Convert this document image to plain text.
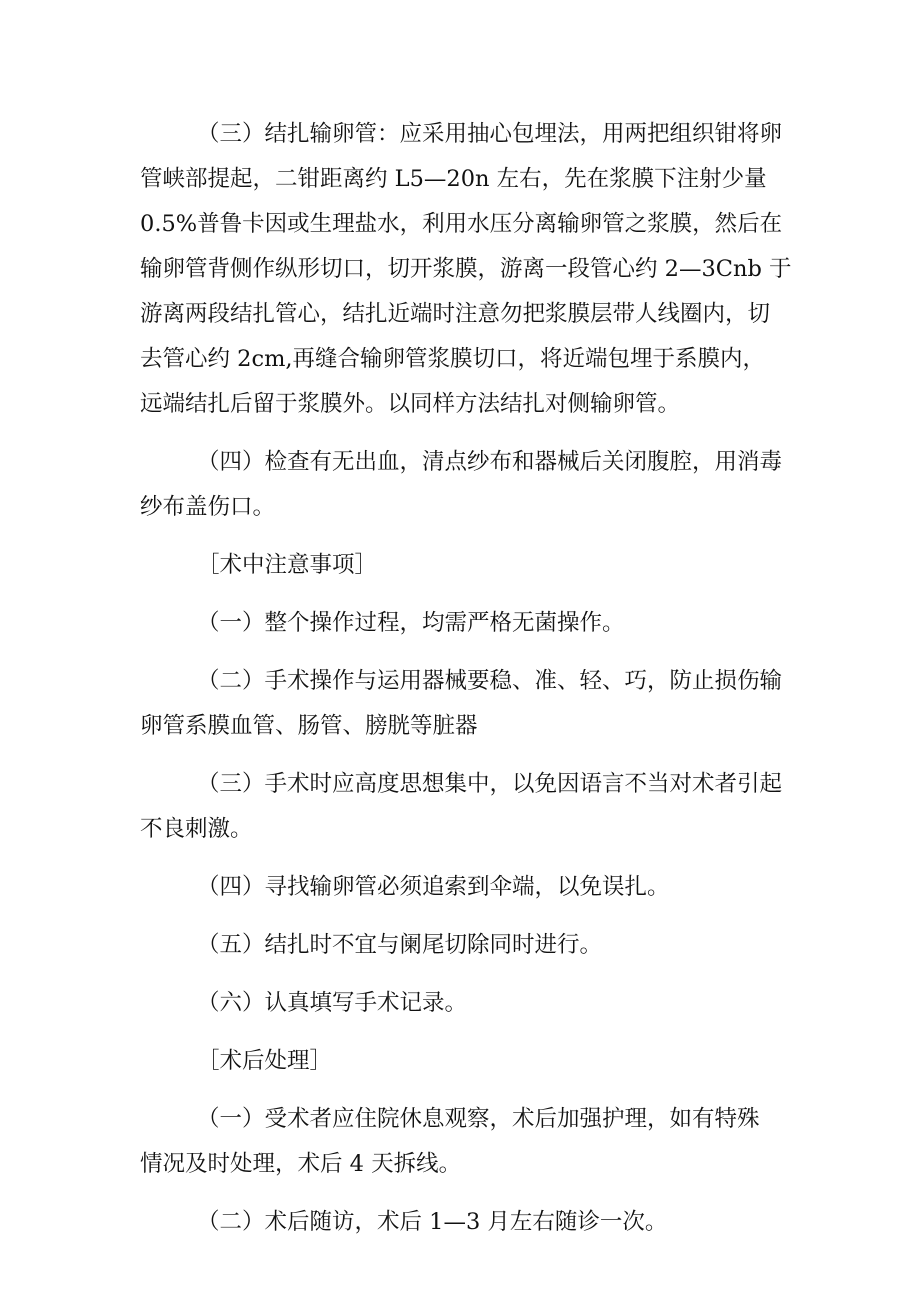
（三）结扎输卵管：应采用抽心包埋法，用两把组织钳将卵
管峡部提起，二钳距离约 L5—20n 左右，先在浆膜下注射少量
0.5%普鲁卡因或生理盐水，利用水压分离输卵管之浆膜，然后在
输卵管背侧作纵形切口，切开浆膜，游离一段管心约 2—3Cnb 于
游离两段结扎管心，结扎近端时注意勿把浆膜层带人线圈内，切
去管心约 2cm,再缝合输卵管浆膜切口，将近端包埋于系膜内，
远端结扎后留于浆膜外。以同样方法结扎对侧输卵管。

（四）检查有无出血，清点纱布和器械后关闭腹腔，用消毒
纱布盖伤口。

［术中注意事项］

（一）整个操作过程，均需严格无菌操作。

（二）手术操作与运用器械要稳、准、轻、巧，防止损伤输
卵管系膜血管、肠管、膀胱等脏器

（三）手术时应高度思想集中，以免因语言不当对术者引起
不良刺激。

（四）寻找输卵管必须追索到伞端，以免误扎。

（五）结扎时不宜与阑尾切除同时进行。

（六）认真填写手术记录。

［术后处理］

（一）受术者应住院休息观察，术后加强护理，如有特殊
情况及时处理，术后 4 天拆线。

（二）术后随访，术后 1—3 月左右随诊一次。
